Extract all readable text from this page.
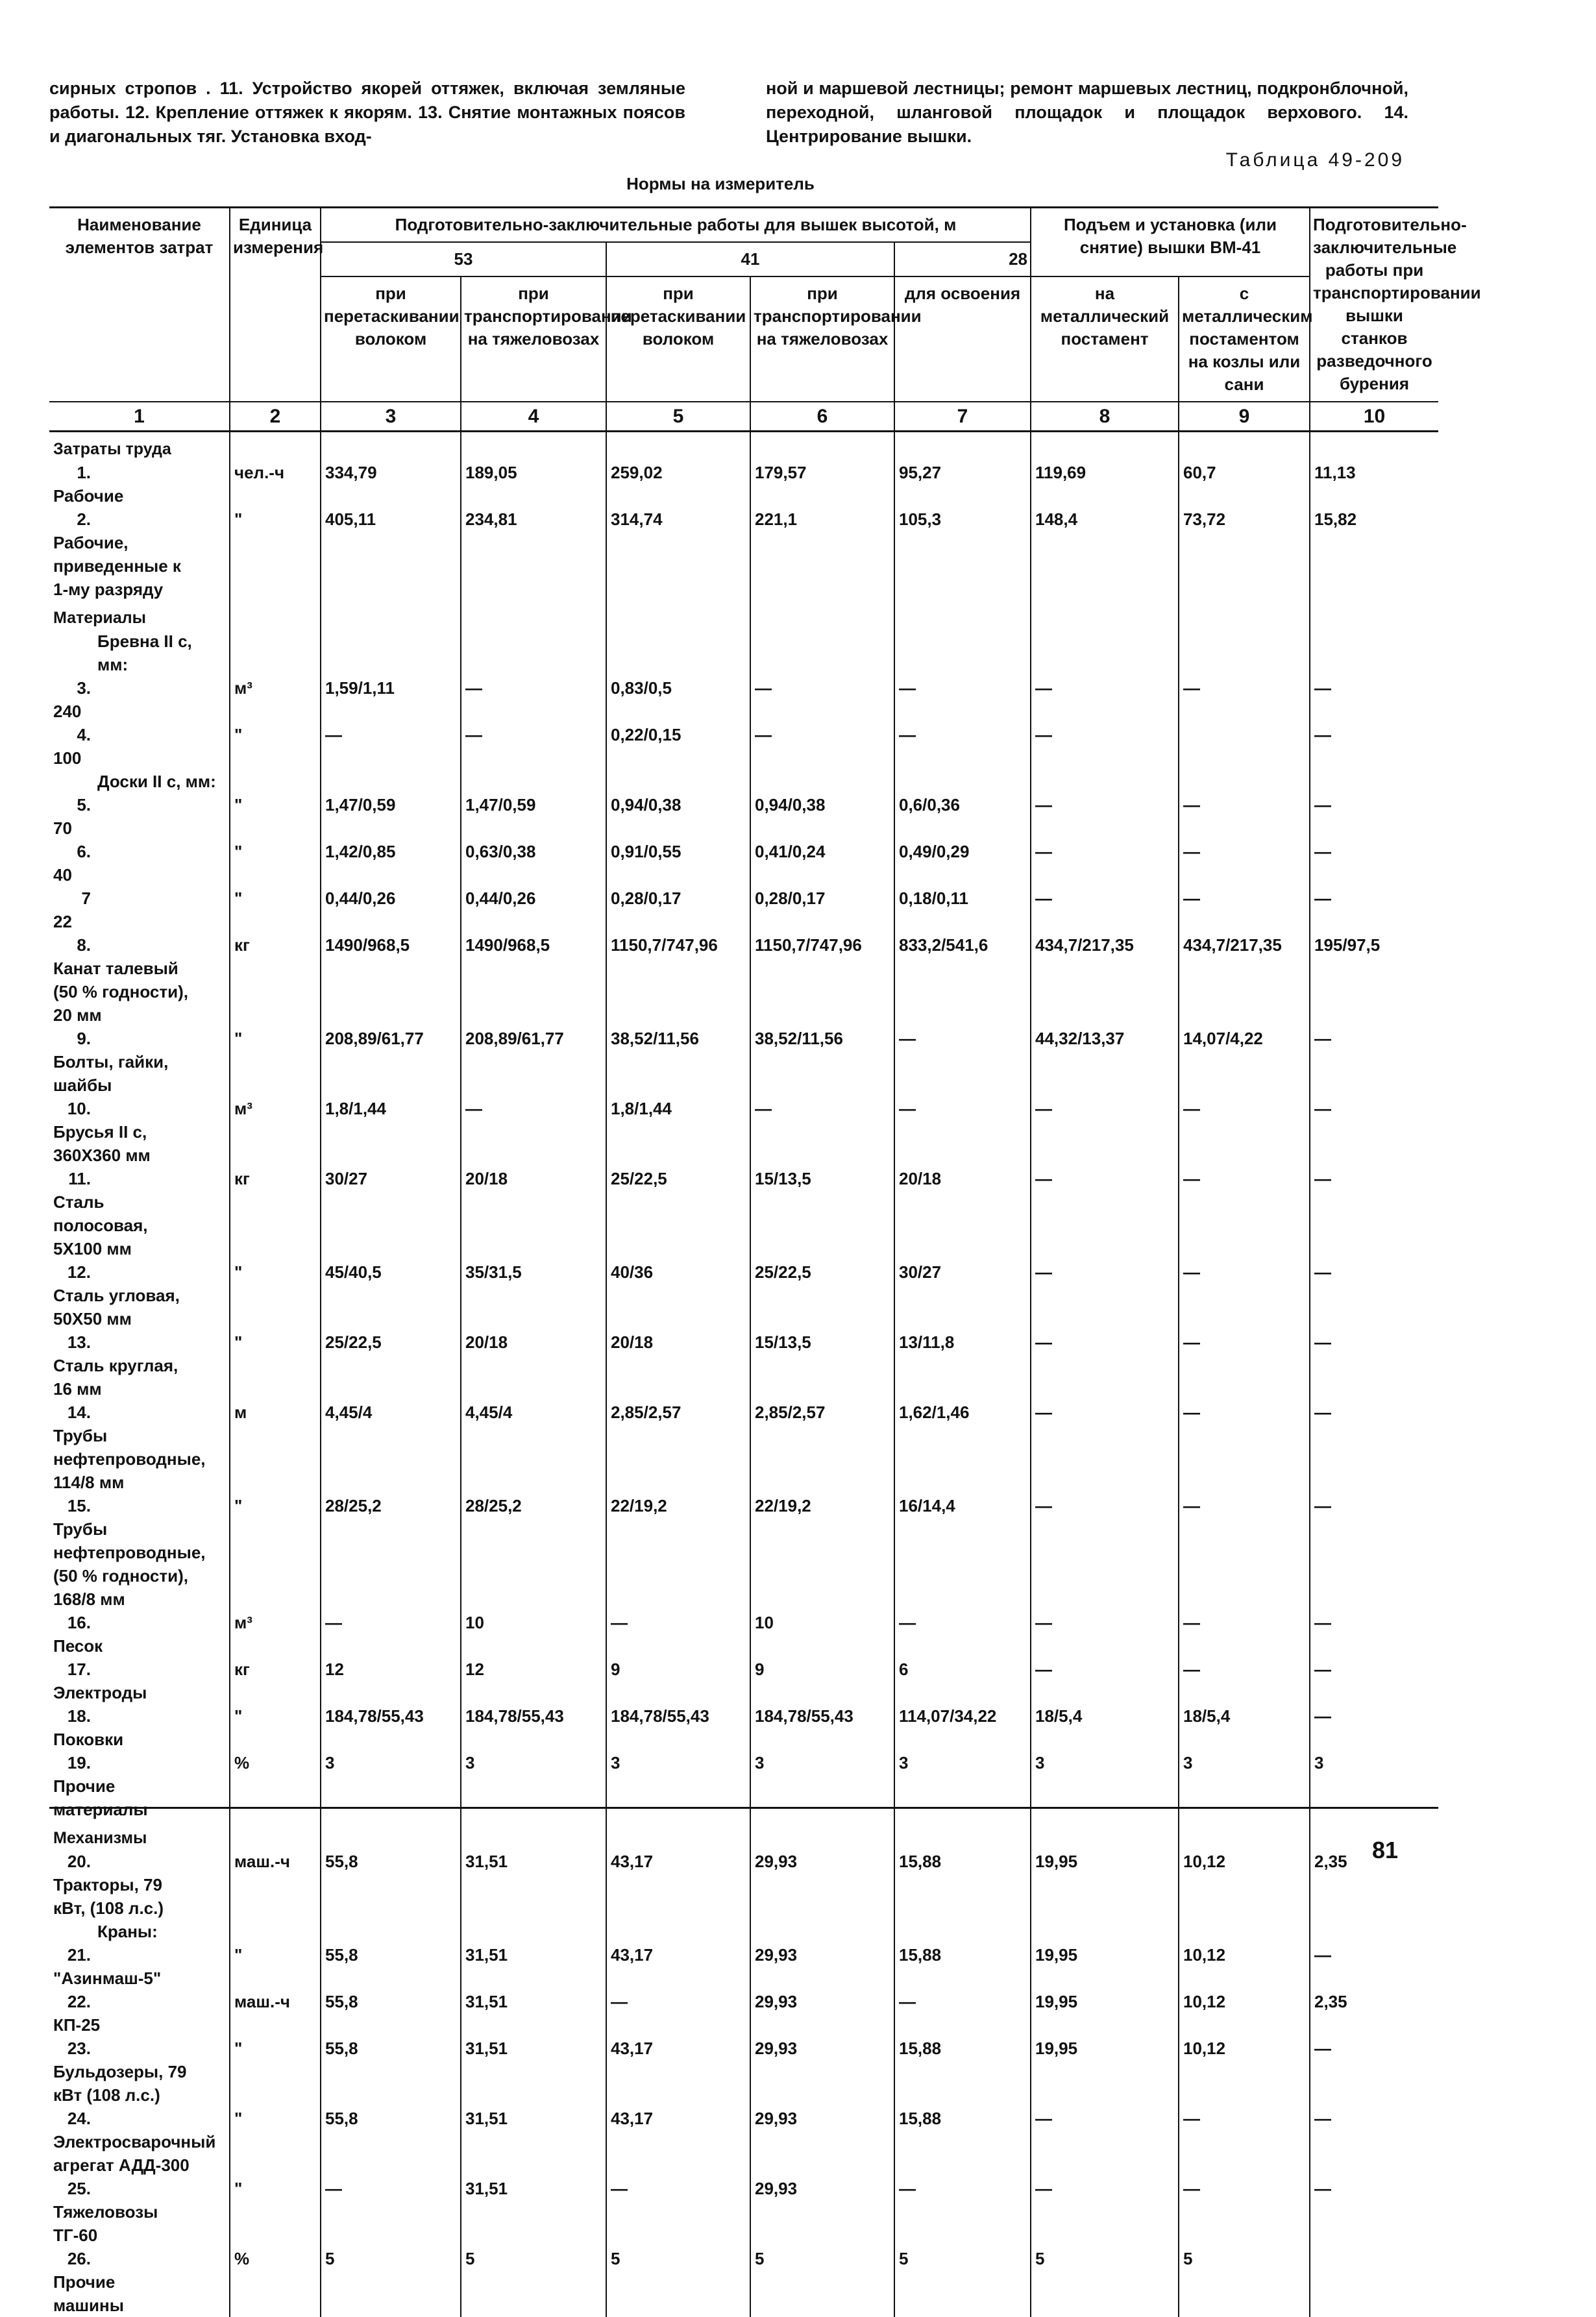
сирных стропов . 11. Устройство якорей оттяжек, включая земляные работы. 12. Крепление оттяжек к якорям. 13. Снятие монтажных поясов и диагональных тяг. Установка вход-
ной и маршевой лестницы; ремонт маршевых лестниц, подкронблочной, переходной, шланговой площадок и площадок верхового. 14. Центрирование вышки.
Таблица 49-209
Нормы на измеритель
Наименование элементов затрат	Единица измерения	Подготовительно-заключительные работы для вышек высотой, м					Подъем и установка (или снятие) вышки ВМ-41		Подготовительно-заключительные работы при транспортировании вышки станков разведочного бурения
		53		41		28			
		при перетаскивании волоком	при транспортировании на тяжеловозах	при перетаскивании волоком	при транспортировании на тяжеловозах	для освоения	на металлический постамент	с металлическим постаментом на козлы или сани	
1	2	3	4	5	6	7	8	9	10
Затраты труда									
1.Рабочие	чел.-ч	334,79	189,05	259,02	179,57	95,27	119,69	60,7	11,13
2.Рабочие, приведенные к 1-му разряду	"	405,11	234,81	314,74	221,1	105,3	148,4	73,72	15,82
Материалы									
Бревна II с, мм:									
3.240	м³	1,59/1,11	—	0,83/0,5	—	—	—	—	—
4.100	"	—	—	0,22/0,15	—	—	—		—
Доски II с, мм:									
5.70	"	1,47/0,59	1,47/0,59	0,94/0,38	0,94/0,38	0,6/0,36	—	—	—
6.40	"	1,42/0,85	0,63/0,38	0,91/0,55	0,41/0,24	0,49/0,29	—	—	—
722	"	0,44/0,26	0,44/0,26	0,28/0,17	0,28/0,17	0,18/0,11	—	—	—
8.Канат талевый (50 % годности), 20 мм	кг	1490/968,5	1490/968,5	1150,7/747,96	1150,7/747,96	833,2/541,6	434,7/217,35	434,7/217,35	195/97,5
9.Болты, гайки, шайбы	"	208,89/61,77	208,89/61,77	38,52/11,56	38,52/11,56	—	44,32/13,37	14,07/4,22	—
10.Брусья II с, 360Х360 мм	м³	1,8/1,44	—	1,8/1,44	—	—	—	—	—
11.Сталь полосовая, 5Х100 мм	кг	30/27	20/18	25/22,5	15/13,5	20/18	—	—	—
12.Сталь угловая, 50Х50 мм	"	45/40,5	35/31,5	40/36	25/22,5	30/27	—	—	—
13.Сталь круглая, 16 мм	"	25/22,5	20/18	20/18	15/13,5	13/11,8	—	—	—
14.Трубы нефтепроводные, 114/8 мм	м	4,45/4	4,45/4	2,85/2,57	2,85/2,57	1,62/1,46	—	—	—
15.Трубы нефтепроводные, (50 % годности), 168/8 мм	"	28/25,2	28/25,2	22/19,2	22/19,2	16/14,4	—	—	—
16.Песок	м³	—	10	—	10	—	—	—	—
17.Электроды	кг	12	12	9	9	6	—	—	—
18.Поковки	"	184,78/55,43	184,78/55,43	184,78/55,43	184,78/55,43	114,07/34,22	18/5,4	18/5,4	—
19.Прочие материалы	%	3	3	3	3	3	3	3	3
Механизмы									
20.Тракторы, 79 кВт, (108 л.с.)	маш.-ч	55,8	31,51	43,17	29,93	15,88	19,95	10,12	2,35
Краны:									
21."Азинмаш-5"	"	55,8	31,51	43,17	29,93	15,88	19,95	10,12	—
22.КП-25	маш.-ч	55,8	31,51	—	29,93	—	19,95	10,12	2,35
23.Бульдозеры, 79 кВт (108 л.с.)	"	55,8	31,51	43,17	29,93	15,88	19,95	10,12	—
24.Электросварочный агрегат АДД-300	"	55,8	31,51	43,17	29,93	15,88	—	—	—
25.Тяжеловозы ТГ-60	"	—	31,51	—	29,93	—	—	—	—
26.Прочие машины	%	5	5	5	5	5	5	5	
81
